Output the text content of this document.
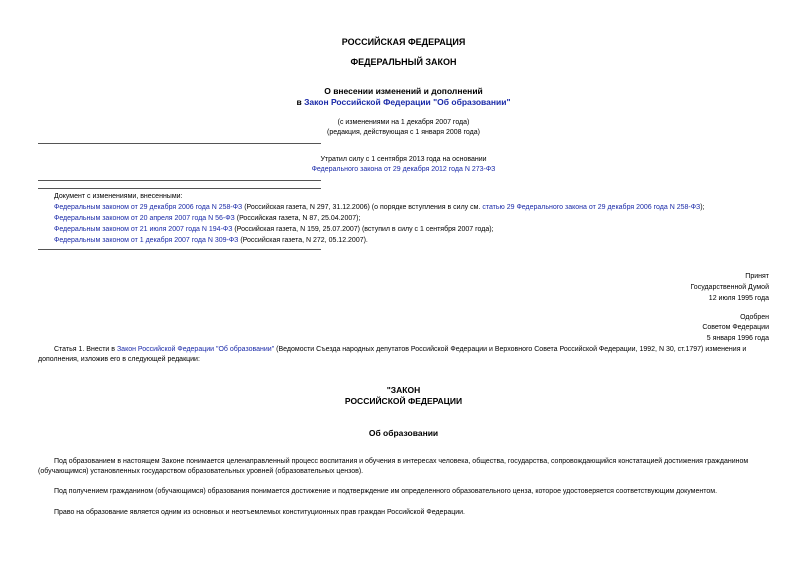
РОССИЙСКАЯ ФЕДЕРАЦИЯ
ФЕДЕРАЛЬНЫЙ ЗАКОН
О внесении изменений и дополнений
в Закон Российской Федерации "Об образовании"
(с изменениями на 1 декабря 2007 года)
(редакция, действующая с 1 января 2008 года)
Утратил силу с 1 сентября 2013 года на основании
Федерального закона от 29 декабря 2012 года N 273-ФЗ
Документ с изменениями, внесенными:
Федеральным законом от 29 декабря 2006 года N 258-ФЗ (Российская газета, N 297, 31.12.2006) (о порядке вступления в силу см. статью 29 Федерального закона от 29 декабря 2006 года N 258-ФЗ);
Федеральным законом от 20 апреля 2007 года N 56-ФЗ (Российская газета, N 87, 25.04.2007);
Федеральным законом от 21 июля 2007 года N 194-ФЗ (Российская газета, N 159, 25.07.2007) (вступил в силу с 1 сентября 2007 года);
Федеральным законом от 1 декабря 2007 года N 309-ФЗ (Российская газета, N 272, 05.12.2007).
Принят
Государственной Думой
12 июля 1995 года
Одобрен
Советом Федерации
5 января 1996 года
Статья 1. Внести в Закон Российской Федерации "Об образовании" (Ведомости Съезда народных депутатов Российской Федерации и Верховного Совета Российской Федерации, 1992, N 30, ст.1797) изменения и
дополнения, изложив его в следующей редакции:
"ЗАКОН
РОССИЙСКОЙ ФЕДЕРАЦИИ
Об образовании
Под образованием в настоящем Законе понимается целенаправленный процесс воспитания и обучения в интересах человека, общества, государства, сопровождающийся констатацией достижения гражданином
(обучающимся) установленных государством образовательных уровней (образовательных цензов).
Под получением гражданином (обучающимся) образования понимается достижение и подтверждение им определенного образовательного ценза, которое удостоверяется соответствующим документом.
Право на образование является одним из основных и неотъемлемых конституционных прав граждан Российской Федерации.
